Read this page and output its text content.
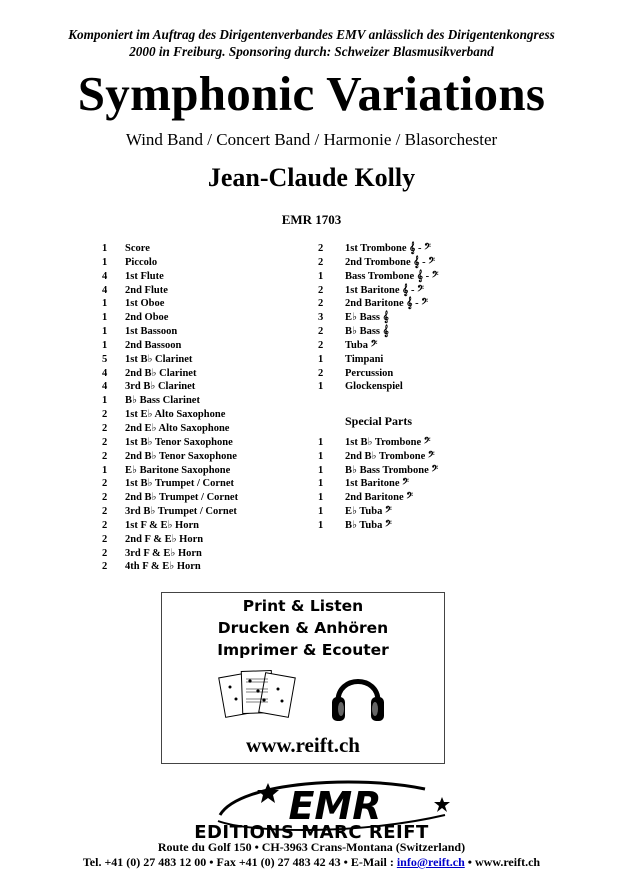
Komponiert im Auftrag des Dirigentenverbandes EMV anlässlich des Dirigentenkongress
2000 in Freiburg. Sponsoring durch: Schweizer Blasmusikverband
Symphonic Variations
Wind Band / Concert Band / Harmonie / Blasorchester
Jean-Claude Kolly
EMR 1703
1	Score
1	Piccolo
4	1st Flute
4	2nd Flute
1	1st Oboe
1	2nd Oboe
1	1st Bassoon
1	2nd Bassoon
5	1st B♭ Clarinet
4	2nd B♭ Clarinet
4	3rd B♭ Clarinet
1	B♭ Bass Clarinet
2	1st E♭ Alto Saxophone
2	2nd E♭ Alto Saxophone
2	1st B♭ Tenor Saxophone
2	2nd B♭ Tenor Saxophone
1	E♭ Baritone Saxophone
2	1st B♭ Trumpet / Cornet
2	2nd B♭ Trumpet / Cornet
2	3rd B♭ Trumpet / Cornet
2	1st F & E♭ Horn
2	2nd F & E♭ Horn
2	3rd F & E♭ Horn
2	4th F & E♭ Horn
2	1st Trombone 𝄞 - 𝄢
2	2nd Trombone 𝄞 - 𝄢
1	Bass Trombone 𝄞 - 𝄢
2	1st Baritone 𝄞 - 𝄢
2	2nd Baritone 𝄞 - 𝄢
3	E♭ Bass 𝄞
2	B♭ Bass 𝄞
2	Tuba 𝄢
1	Timpani
2	Percussion
1	Glockenspiel
Special Parts
1	1st B♭ Trombone 𝄢
1	2nd B♭ Trombone 𝄢
1	B♭ Bass Trombone 𝄢
1	1st Baritone 𝄢
1	2nd Baritone 𝄢
1	E♭ Tuba 𝄢
1	B♭ Tuba 𝄢
Print & Listen
Drucken & Anhören
Imprimer & Ecouter
www.reift.ch
EMR
EDITIONS MARC REIFT
Route du Golf 150 • CH-3963 Crans-Montana (Switzerland)
Tel. +41 (0) 27 483 12 00 • Fax +41 (0) 27 483 42 43 • E-Mail : info@reift.ch • www.reift.ch
